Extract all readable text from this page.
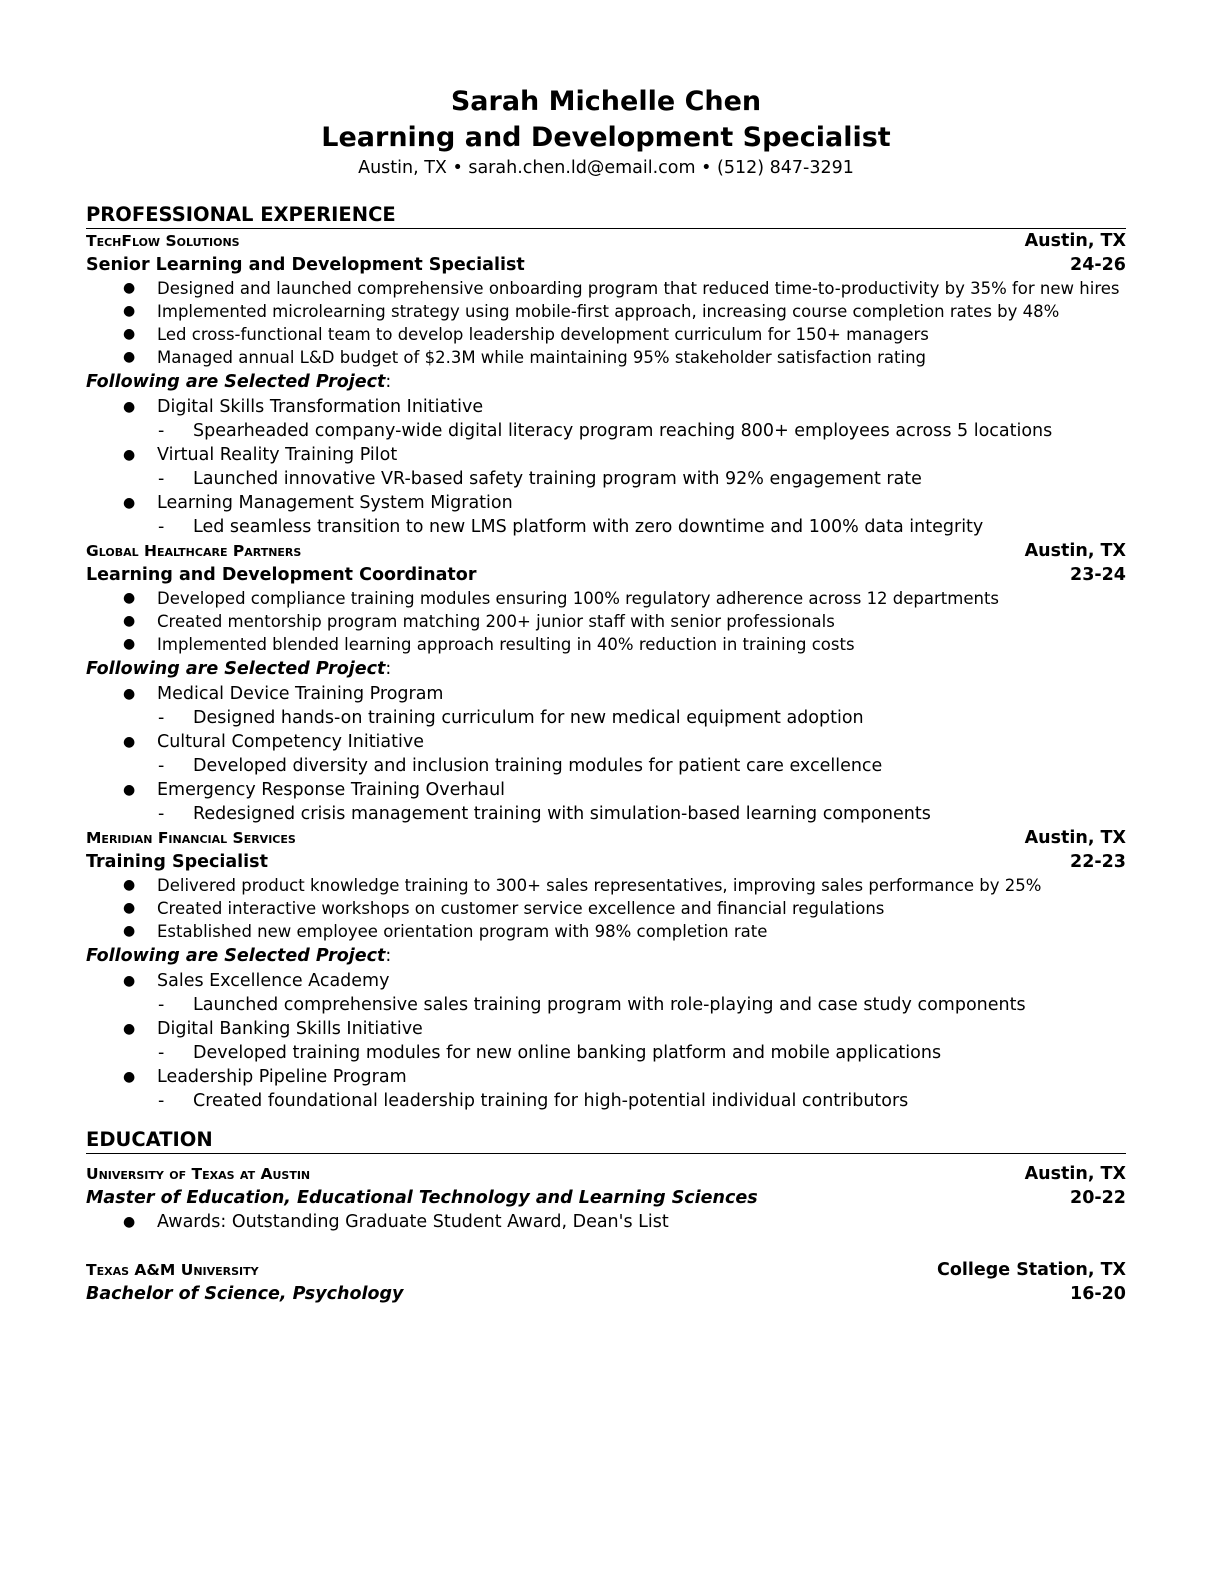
Sarah Michelle Chen
Learning and Development Specialist
Austin, TX • sarah.chen.ld@email.com • (512) 847-3291
PROFESSIONAL EXPERIENCE
TechFlow Solutions	Austin, TX
Senior Learning and Development Specialist	24-26
● Designed and launched comprehensive onboarding program that reduced time-to-productivity by 35% for new hires
● Implemented microlearning strategy using mobile-first approach, increasing course completion rates by 48%
● Led cross-functional team to develop leadership development curriculum for 150+ managers
● Managed annual L&D budget of $2.3M while maintaining 95% stakeholder satisfaction rating
Following are Selected Project:
● Digital Skills Transformation Initiative
- Spearheaded company-wide digital literacy program reaching 800+ employees across 5 locations
● Virtual Reality Training Pilot
- Launched innovative VR-based safety training program with 92% engagement rate
● Learning Management System Migration
- Led seamless transition to new LMS platform with zero downtime and 100% data integrity
Global Healthcare Partners	Austin, TX
Learning and Development Coordinator	23-24
● Developed compliance training modules ensuring 100% regulatory adherence across 12 departments
● Created mentorship program matching 200+ junior staff with senior professionals
● Implemented blended learning approach resulting in 40% reduction in training costs
Following are Selected Project:
● Medical Device Training Program
- Designed hands-on training curriculum for new medical equipment adoption
● Cultural Competency Initiative
- Developed diversity and inclusion training modules for patient care excellence
● Emergency Response Training Overhaul
- Redesigned crisis management training with simulation-based learning components
Meridian Financial Services	Austin, TX
Training Specialist	22-23
● Delivered product knowledge training to 300+ sales representatives, improving sales performance by 25%
● Created interactive workshops on customer service excellence and financial regulations
● Established new employee orientation program with 98% completion rate
Following are Selected Project:
● Sales Excellence Academy
- Launched comprehensive sales training program with role-playing and case study components
● Digital Banking Skills Initiative
- Developed training modules for new online banking platform and mobile applications
● Leadership Pipeline Program
- Created foundational leadership training for high-potential individual contributors
EDUCATION
University of Texas at Austin	Austin, TX
Master of Education, Educational Technology and Learning Sciences	20-22
● Awards: Outstanding Graduate Student Award, Dean's List
Texas A&M University	College Station, TX
Bachelor of Science, Psychology	16-20
